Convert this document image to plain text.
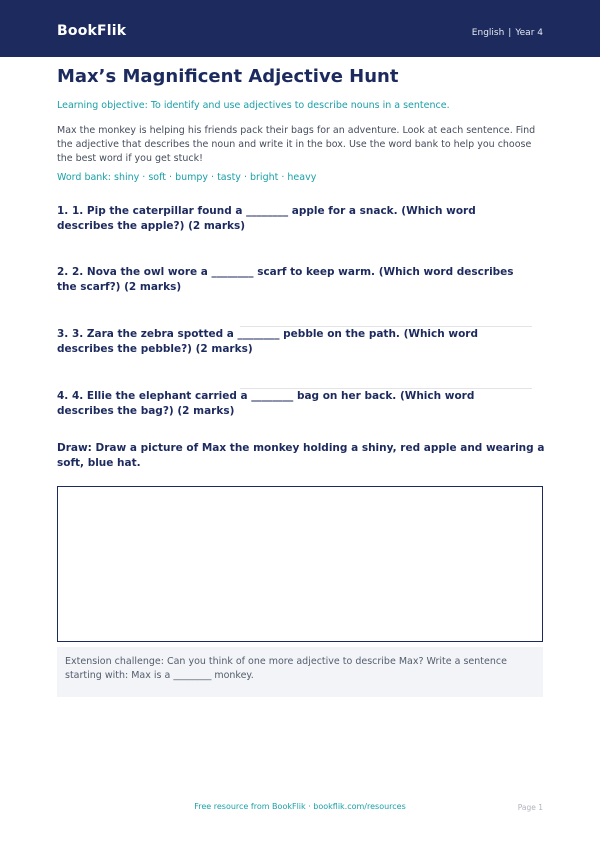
BookFlik	English | Year 4
Max’s Magnificent Adjective Hunt
Learning objective: To identify and use adjectives to describe nouns in a sentence.

Max the monkey is helping his friends pack their bags for an adventure. Look at each sentence. Find the adjective that describes the noun and write it in the box. Use the word bank to help you choose the best word if you get stuck!

Word bank: shiny · soft · bumpy · tasty · bright · heavy
1. 1. Pip the caterpillar found a ________ apple for a snack. (Which word describes the apple?) (2 marks)
2. 2. Nova the owl wore a ________ scarf to keep warm. (Which word describes the scarf?) (2 marks)
3. 3. Zara the zebra spotted a ________ pebble on the path. (Which word describes the pebble?) (2 marks)
4. 4. Ellie the elephant carried a ________ bag on her back. (Which word describes the bag?) (2 marks)
Draw: Draw a picture of Max the monkey holding a shiny, red apple and wearing a soft, blue hat.
Extension challenge: Can you think of one more adjective to describe Max? Write a sentence starting with: Max is a ________ monkey.
Free resource from BookFlik · bookflik.com/resources	Page 1
